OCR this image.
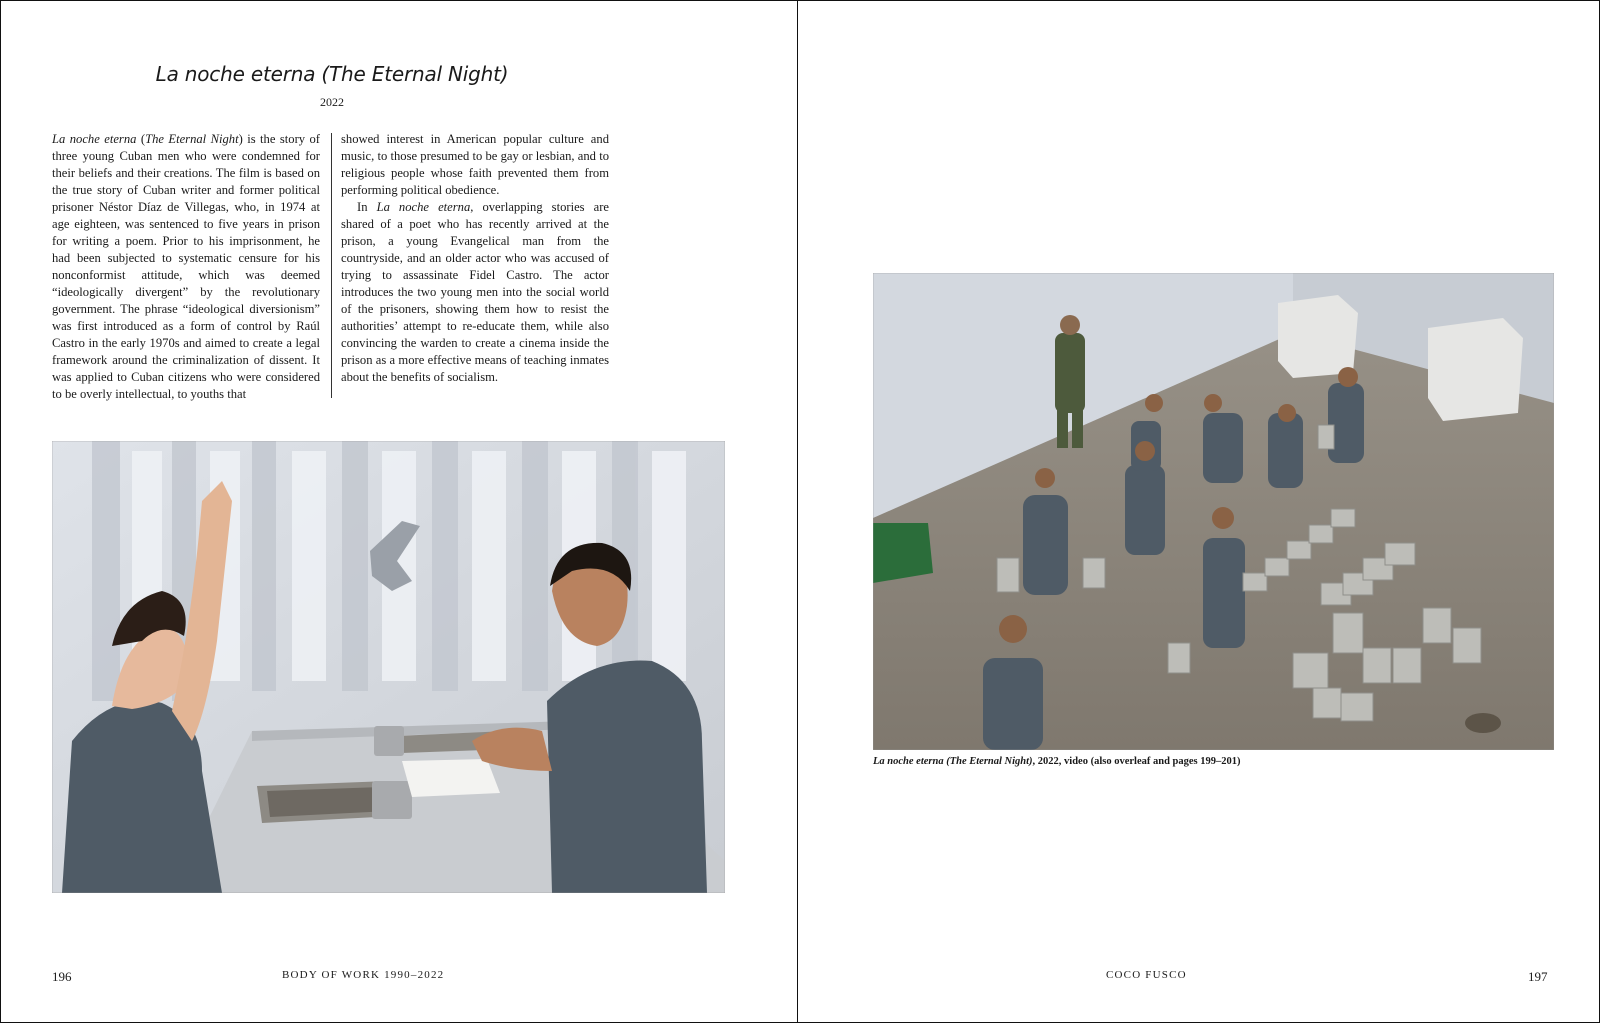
La noche eterna (The Eternal Night)
2022

La noche eterna (The Eternal Night) is the story of three young Cuban men who were condemned for their beliefs and their creations. The film is based on the true story of Cuban writer and former political prisoner Néstor Díaz de Villegas, who, in 1974 at age eighteen, was sentenced to five years in prison for writing a poem. Prior to his imprisonment, he had been subjected to systematic censure for his nonconformist attitude, which was deemed “ideologically divergent” by the revolutionary government. The phrase “ideological diversionism” was first introduced as a form of control by Raúl Castro in the early 1970s and aimed to create a legal framework around the criminalization of dissent. It was applied to Cuban citizens who were considered to be overly intellectual, to youths that

showed interest in American popular culture and music, to those presumed to be gay or lesbian, and to religious people whose faith prevented them from performing political obedience.

In La noche eterna, overlapping stories are shared of a poet who has recently arrived at the prison, a young Evangelical man from the countryside, and an older actor who was accused of trying to assassinate Fidel Castro. The actor introduces the two young men into the social world of the prisoners, showing them how to resist the authorities’ attempt to re-educate them, while also convincing the warden to create a cinema inside the prison as a more effective means of teaching inmates about the benefits of socialism.

196	BODY OF WORK 1990–2022
La noche eterna (The Eternal Night), 2022, video (also overleaf and pages 199–201)
COCO FUSCO	197
